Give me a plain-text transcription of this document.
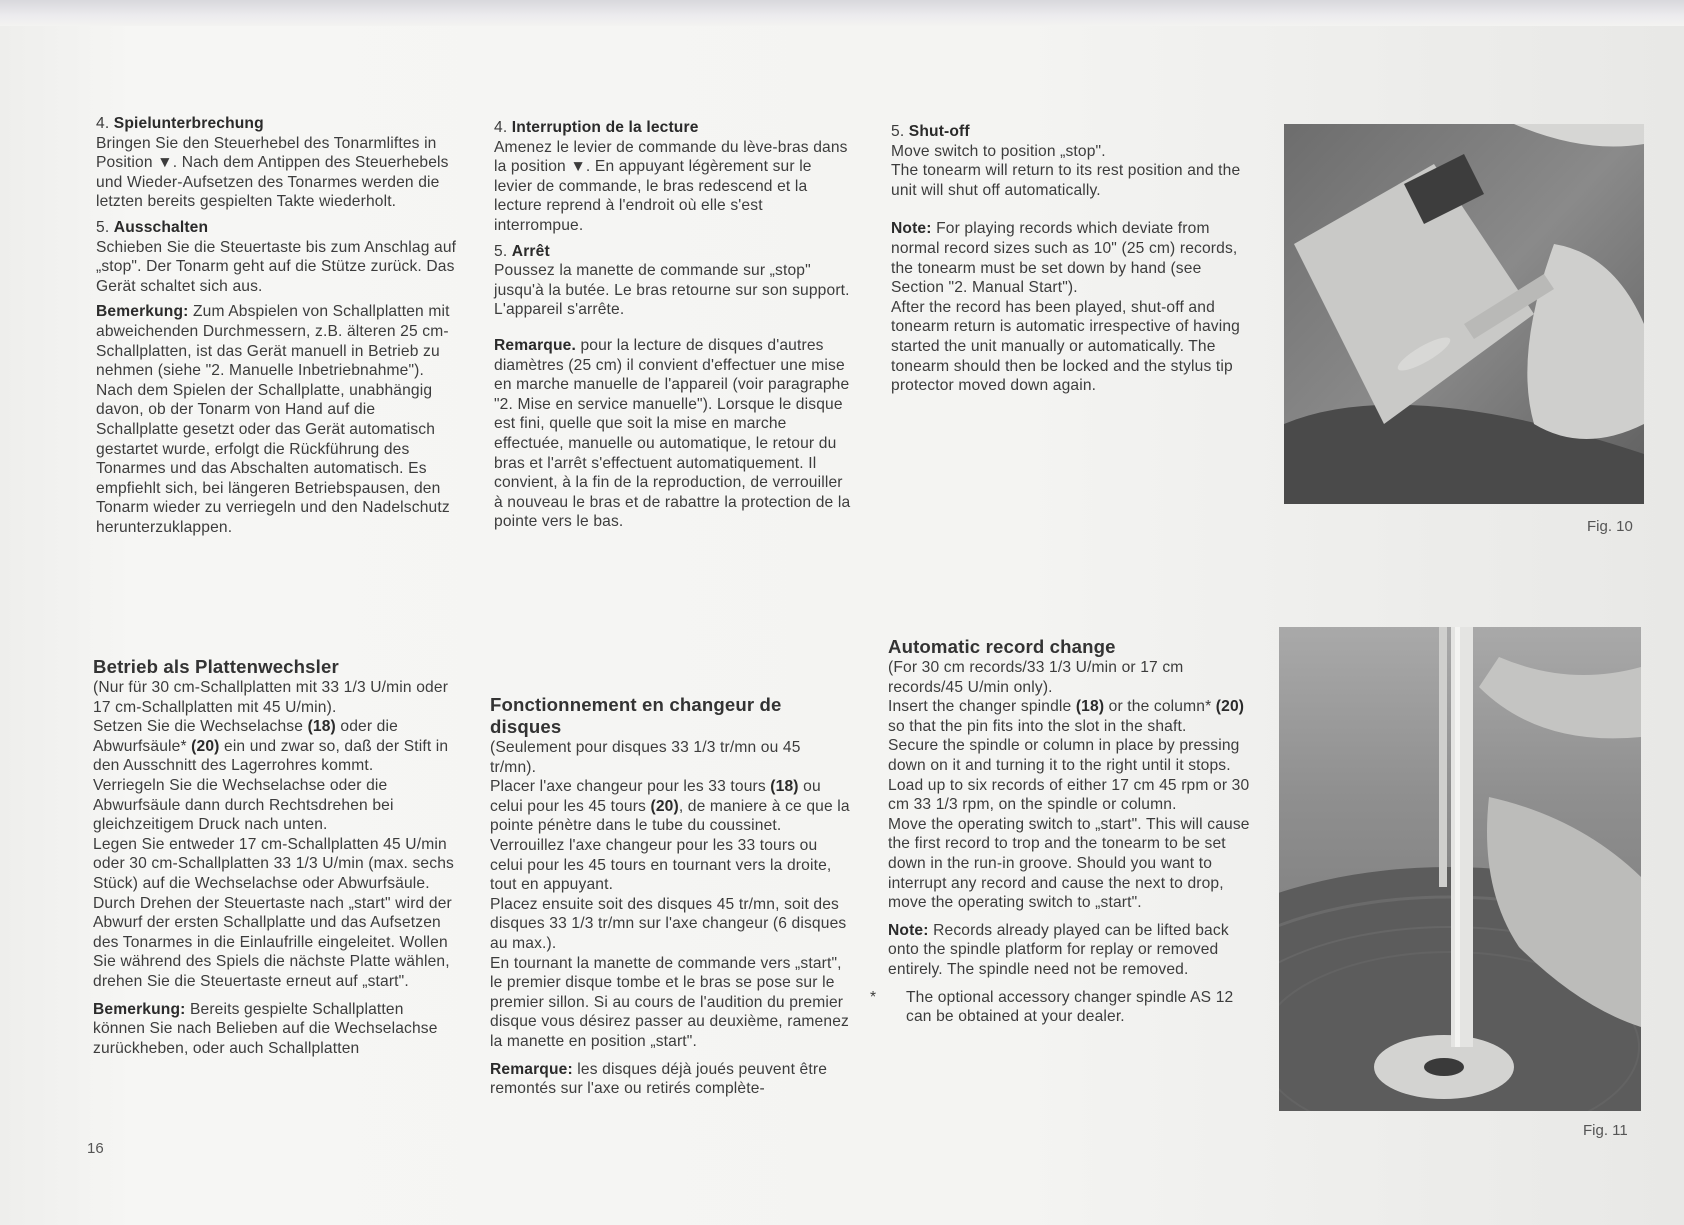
4. Spielunterbrechung

Bringen Sie den Steuerhebel des Tonarmliftes in Position ▼. Nach dem Antippen des Steuerhebels und Wieder-Aufsetzen des Tonarmes werden die letzten bereits gespielten Takte wiederholt.

5. Ausschalten

Schieben Sie die Steuertaste bis zum Anschlag auf „stop". Der Tonarm geht auf die Stütze zurück. Das Gerät schaltet sich aus.

Bemerkung: Zum Abspielen von Schallplatten mit abweichenden Durchmessern, z.B. älteren 25 cm-Schallplatten, ist das Gerät manuell in Betrieb zu nehmen (siehe "2. Manuelle Inbetriebnahme").

Nach dem Spielen der Schallplatte, unabhängig davon, ob der Tonarm von Hand auf die Schallplatte gesetzt oder das Gerät automatisch gestartet wurde, erfolgt die Rückführung des Tonarmes und das Abschalten automatisch. Es empfiehlt sich, bei längeren Betriebspausen, den Tonarm wieder zu verriegeln und den Nadelschutz herunterzuklappen.

4. Interruption de la lecture

Amenez le levier de commande du lève-bras dans la position ▼. En appuyant légèrement sur le levier de commande, le bras redescend et la lecture reprend à l'endroit où elle s'est interrompue.

5. Arrêt

Poussez la manette de commande sur „stop" jusqu'à la butée. Le bras retourne sur son support. L'appareil s'arrête.

Remarque. pour la lecture de disques d'autres diamètres (25 cm) il convient d'effectuer une mise en marche manuelle de l'appareil (voir paragraphe "2. Mise en service manuelle"). Lorsque le disque est fini, quelle que soit la mise en marche effectuée, manuelle ou automatique, le retour du bras et l'arrêt s'effectuent automatiquement. Il convient, à la fin de la reproduction, de verrouiller à nouveau le bras et de rabattre la protection de la pointe vers le bas.

5. Shut-off

Move switch to position „stop".

The tonearm will return to its rest position and the unit will shut off automatically.

Note: For playing records which deviate from normal record sizes such as 10" (25 cm) records, the tonearm must be set down by hand (see Section "2. Manual Start").

After the record has been played, shut-off and tonearm return is automatic irrespective of having started the unit manually or automatically. The tonearm should then be locked and the stylus tip protector moved down again.

Fig. 10

Betrieb als Plattenwechsler

(Nur für 30 cm-Schallplatten mit 33 1/3 U/min oder 17 cm-Schallplatten mit 45 U/min).

Setzen Sie die Wechselachse (18) oder die Abwurfsäule* (20) ein und zwar so, daß der Stift in den Ausschnitt des Lagerrohres kommt.

Verriegeln Sie die Wechselachse oder die Abwurfsäule dann durch Rechtsdrehen bei gleichzeitigem Druck nach unten.

Legen Sie entweder 17 cm-Schallplatten 45 U/min oder 30 cm-Schallplatten 33 1/3 U/min (max. sechs Stück) auf die Wechselachse oder Abwurfsäule.

Durch Drehen der Steuertaste nach „start" wird der Abwurf der ersten Schallplatte und das Aufsetzen des Tonarmes in die Einlaufrille eingeleitet. Wollen Sie während des Spiels die nächste Platte wählen, drehen Sie die Steuertaste erneut auf „start".

Bemerkung: Bereits gespielte Schallplatten können Sie nach Belieben auf die Wechselachse zurückheben, oder auch Schallplatten

Fonctionnement en changeur de disques

(Seulement pour disques 33 1/3 tr/mn ou 45 tr/mn).

Placer l'axe changeur pour les 33 tours (18) ou celui pour les 45 tours (20), de maniere à ce que la pointe pénètre dans le tube du coussinet. Verrouillez l'axe changeur pour les 33 tours ou celui pour les 45 tours en tournant vers la droite, tout en appuyant.

Placez ensuite soit des disques 45 tr/mn, soit des disques 33 1/3 tr/mn sur l'axe changeur (6 disques au max.).

En tournant la manette de commande vers „start", le premier disque tombe et le bras se pose sur le premier sillon. Si au cours de l'audition du premier disque vous désirez passer au deuxième, ramenez la manette en position „start".

Remarque: les disques déjà joués peuvent être remontés sur l'axe ou retirés complète-

Automatic record change

(For 30 cm records/33 1/3 U/min or 17 cm records/45 U/min only).

Insert the changer spindle (18) or the column* (20) so that the pin fits into the slot in the shaft.

Secure the spindle or column in place by pressing down on it and turning it to the right until it stops.

Load up to six records of either 17 cm 45 rpm or 30 cm 33 1/3 rpm, on the spindle or column.

Move the operating switch to „start". This will cause the first record to trop and the tonearm to be set down in the run-in groove. Should you want to interrupt any record and cause the next to drop, move the operating switch to „start".

Note: Records already played can be lifted back onto the spindle platform for replay or removed entirely. The spindle need not be removed.

* The optional accessory changer spindle AS 12 can be obtained at your dealer.

Fig. 11
16
